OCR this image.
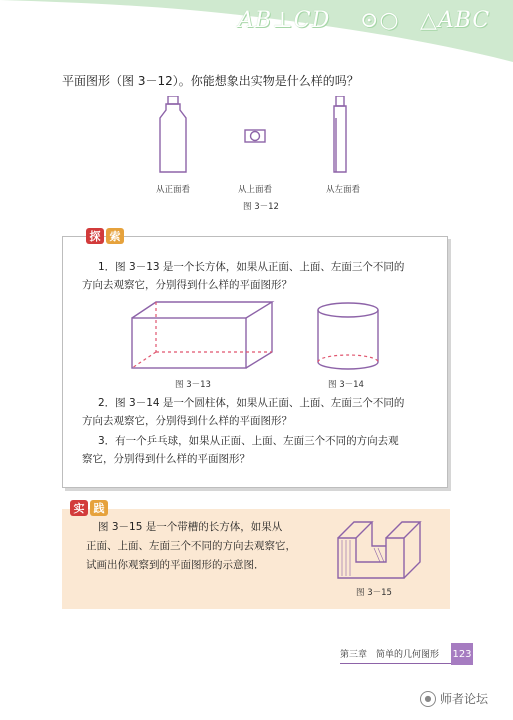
AB⊥CD ⊙○ △ABC
平面图形（图 3－12）。你能想象出实物是什么样的吗？
从正面看	从上面看	从左面看
图 3－12
探 索
1．图 3－13 是一个长方体，如果从正面、上面、左面三个不同的
方向去观察它，分别得到什么样的平面图形？
图 3－13	图 3－14
2．图 3－14 是一个圆柱体，如果从正面、上面、左面三个不同的
方向去观察它，分别得到什么样的平面图形？
3．有一个乒乓球，如果从正面、上面、左面三个不同的方向去观
察它，分别得到什么样的平面图形？
实 践
图 3－15 是一个带槽的长方体，如果从
正面、上面、左面三个不同的方向去观察它，
试画出你观察到的平面图形的示意图．
图 3－15
第三章　简单的几何图形 123
● 师者论坛
